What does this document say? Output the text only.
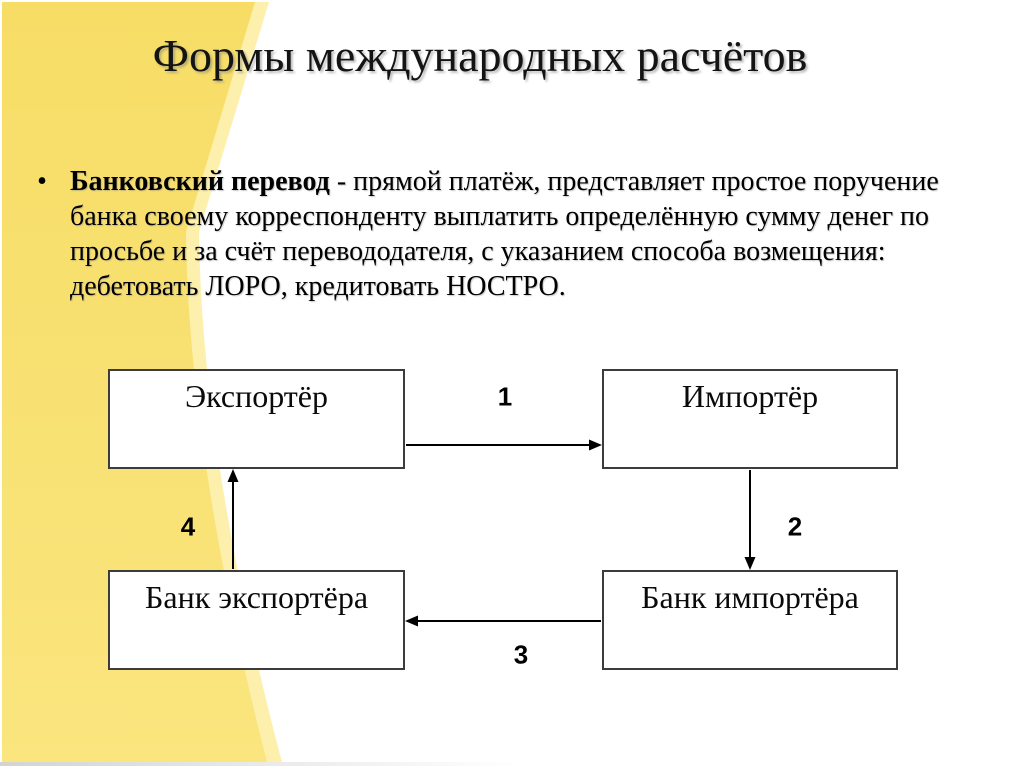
Формы международных расчётов
• Банковский перевод - прямой платёж, представляет простое поручение
банка своему корреспонденту выплатить определённую сумму денег по
просьбе и за счёт перевододателя, с указанием способа возмещения:
дебетовать ЛОРО, кредитовать НОСТРО.
Экспортёр	Импортёр
Банк экспортёра	Банк импортёра
1
2
3
4
